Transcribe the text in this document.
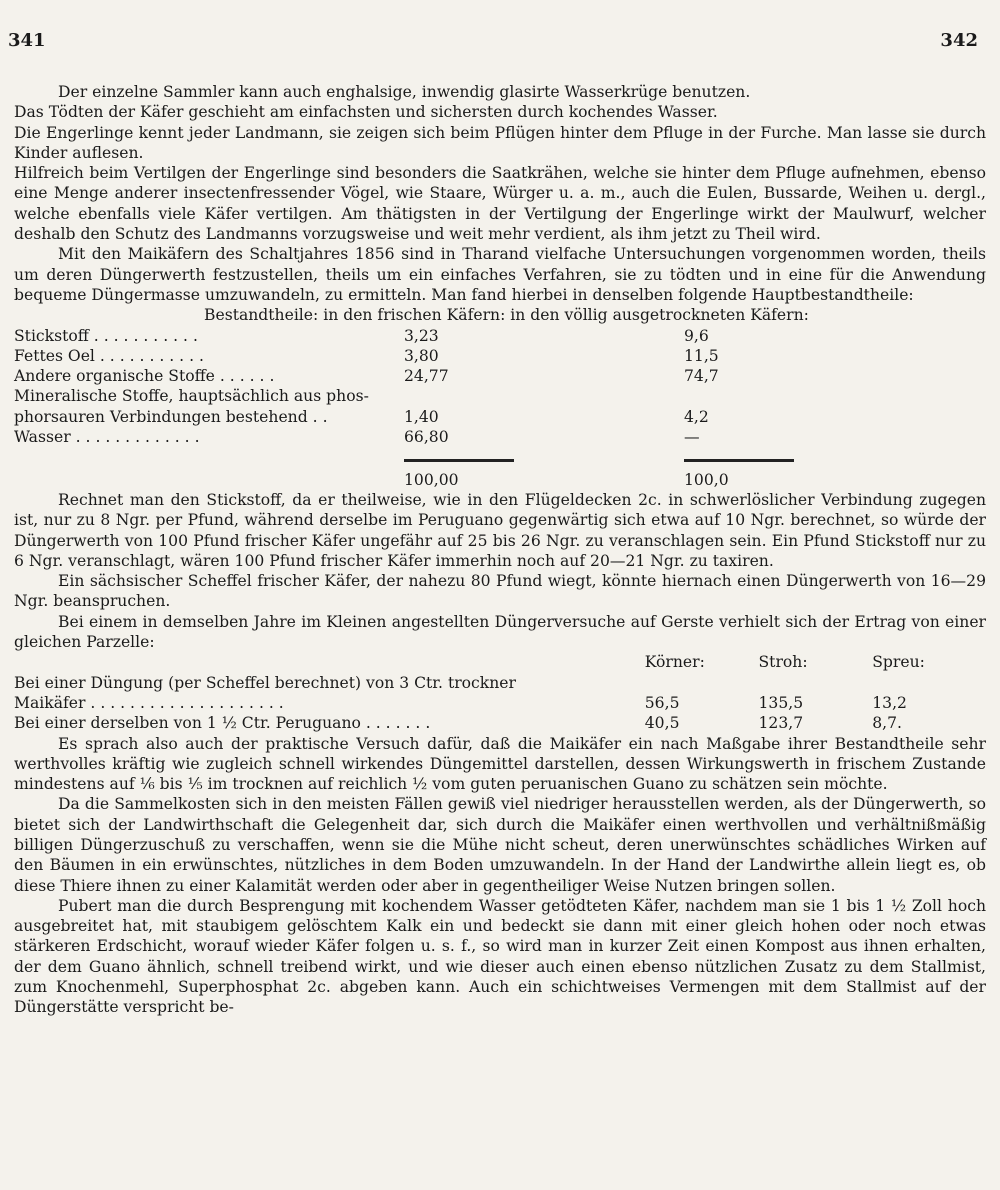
341	342

Der einzelne Sammler kann auch enghalsige, inwendig glasirte Wasserkrüge benutzen.

Das Tödten der Käfer geschieht am einfachsten und sichersten durch kochendes Wasser.

Die Engerlinge kennt jeder Landmann, sie zeigen sich beim Pflügen hinter dem Pfluge in der Furche. Man lasse sie durch Kinder auflesen.

Hilfreich beim Vertilgen der Engerlinge sind besonders die Saatkrähen, welche sie hinter dem Pfluge aufnehmen, ebenso eine Menge anderer insectenfressender Vögel, wie Staare, Würger u. a. m., auch die Eulen, Bussarde, Weihen u. dergl., welche ebenfalls viele Käfer vertilgen. Am thätigsten in der Vertilgung der Engerlinge wirkt der Maulwurf, welcher deshalb den Schutz des Landmanns vorzugsweise und weit mehr verdient, als ihm jetzt zu Theil wird.

Mit den Maikäfern des Schaltjahres 1856 sind in Tharand vielfache Untersuchungen vorgenommen worden, theils um deren Düngerwerth festzustellen, theils um ein einfaches Verfahren, sie zu tödten und in eine für die Anwendung bequeme Düngermasse umzuwandeln, zu ermitteln. Man fand hierbei in denselben folgende Hauptbestandtheile:

Bestandtheile: in den frischen Käfern: in den völlig ausgetrockneten Käfern:		
Stickstoff . . . . . . . . . . .	3,23	9,6
Fettes Oel . . . . . . . . . . .	3,80	11,5
Andere organische Stoffe . . . . . .	24,77	74,7
Mineralische Stoffe, hauptsächlich aus phos-		
phorsauren Verbindungen bestehend . .	1,40	4,2
Wasser . . . . . . . . . . . . .	66,80	—

	100,00	100,0

Rechnet man den Stickstoff, da er theilweise, wie in den Flügeldecken 2c. in schwerlöslicher Verbindung zugegen ist, nur zu 8 Ngr. per Pfund, während derselbe im Peruguano gegenwärtig sich etwa auf 10 Ngr. berechnet, so würde der Düngerwerth von 100 Pfund frischer Käfer ungefähr auf 25 bis 26 Ngr. zu veranschlagen sein. Ein Pfund Stickstoff nur zu 6 Ngr. veranschlagt, wären 100 Pfund frischer Käfer immerhin noch auf 20—21 Ngr. zu taxiren.

Ein sächsischer Scheffel frischer Käfer, der nahezu 80 Pfund wiegt, könnte hiernach einen Düngerwerth von 16—29 Ngr. beanspruchen.

Bei einem in demselben Jahre im Kleinen angestellten Düngerversuche auf Gerste verhielt sich der Ertrag von einer gleichen Parzelle:

	Körner:	Stroh:	Spreu:
Bei einer Düngung (per Scheffel berechnet) von 3 Ctr. trockner			
Maikäfer . . . . . . . . . . . . . . . . . . . .	56,5	135,5	13,2
Bei einer derselben von 1 ½ Ctr. Peruguano . . . . . . .	40,5	123,7	8,7.

Es sprach also auch der praktische Versuch dafür, daß die Maikäfer ein nach Maßgabe ihrer Bestandtheile sehr werthvolles kräftig wie zugleich schnell wirkendes Düngemittel darstellen, dessen Wirkungswerth in frischem Zustande mindestens auf ⅙ bis ⅕ im trocknen auf reichlich ½ vom guten peruanischen Guano zu schätzen sein möchte.

Da die Sammelkosten sich in den meisten Fällen gewiß viel niedriger herausstellen werden, als der Düngerwerth, so bietet sich der Landwirthschaft die Gelegenheit dar, sich durch die Maikäfer einen werthvollen und verhältnißmäßig billigen Düngerzuschuß zu verschaffen, wenn sie die Mühe nicht scheut, deren unerwünschtes schädliches Wirken auf den Bäumen in ein erwünschtes, nützliches in dem Boden umzuwandeln. In der Hand der Landwirthe allein liegt es, ob diese Thiere ihnen zu einer Kalamität werden oder aber in gegentheiliger Weise Nutzen bringen sollen.

Pubert man die durch Besprengung mit kochendem Wasser getödteten Käfer, nachdem man sie 1 bis 1 ½ Zoll hoch ausgebreitet hat, mit staubigem gelöschtem Kalk ein und bedeckt sie dann mit einer gleich hohen oder noch etwas stärkeren Erdschicht, worauf wieder Käfer folgen u. s. f., so wird man in kurzer Zeit einen Kompost aus ihnen erhalten, der dem Guano ähnlich, schnell treibend wirkt, und wie dieser auch einen ebenso nützlichen Zusatz zu dem Stallmist, zum Knochenmehl, Superphosphat 2c. abgeben kann. Auch ein schichtweises Vermengen mit dem Stallmist auf der Düngerstätte verspricht be-
